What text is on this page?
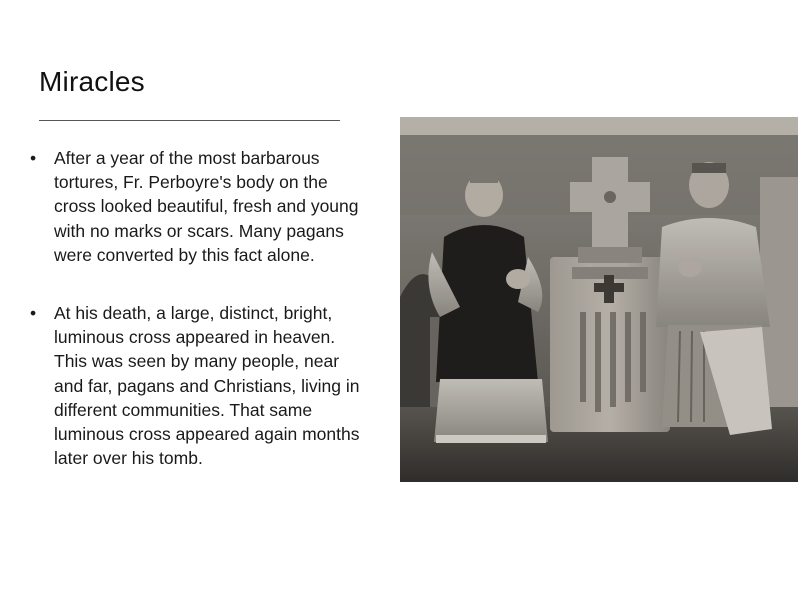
Miracles
•	After a year of the most barbarous tortures, Fr. Perboyre's body on the cross looked beautiful, fresh and young with no marks or scars. Many pagans were converted by this fact alone.
•	At his death, a large, distinct, bright, luminous cross appeared in heaven. This was seen by many people, near and far, pagans and Christians, living in different communities. That same luminous cross appeared again months later over his tomb.
